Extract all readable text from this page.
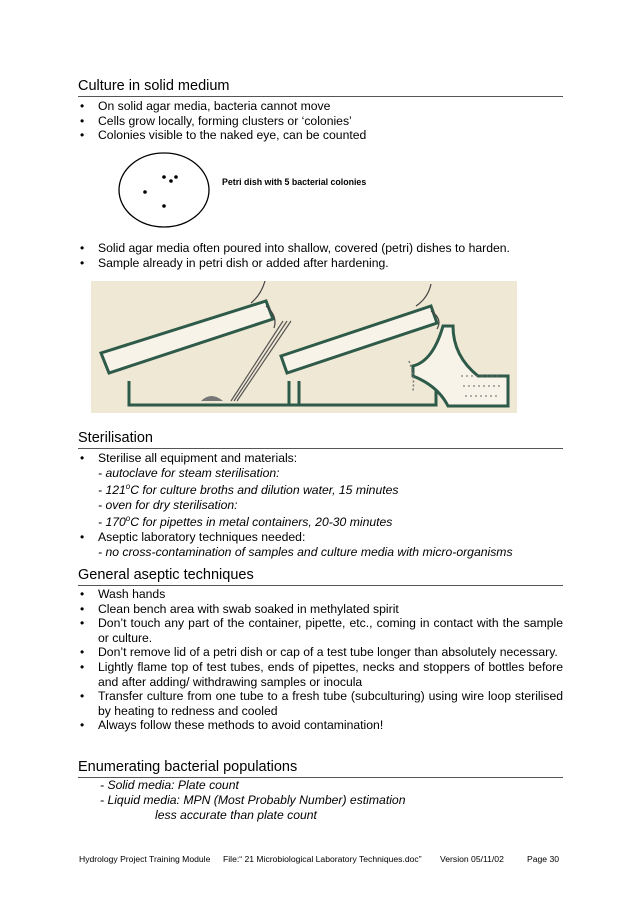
Culture in solid medium
• On solid agar media, bacteria cannot move
• Cells grow locally, forming clusters or ‘colonies’
• Colonies visible to the naked eye, can be counted
Petri dish with 5 bacterial colonies
• Solid agar media often poured into shallow, covered (petri) dishes to harden.
• Sample already in petri dish or added after hardening.
Sterilisation
• Sterilise all equipment and materials:
- autoclave for steam sterilisation:
- 121$^o$C for culture broths and dilution water, 15 minutes
- oven for dry sterilisation:
- 170$^o$C for pipettes in metal containers, 20-30 minutes
• Aseptic laboratory techniques needed:
- no cross-contamination of samples and culture media with micro-organisms
General aseptic techniques
• Wash hands
• Clean bench area with swab soaked in methylated spirit
• Don’t touch any part of the container, pipette, etc., coming in contact with the sample or culture.
• Don’t remove lid of a petri dish or cap of a test tube longer than absolutely necessary.
• Lightly flame top of test tubes, ends of pipettes, necks and stoppers of bottles before and after adding/ withdrawing samples or inocula
• Transfer culture from one tube to a fresh tube (subculturing) using wire loop sterilised by heating to redness and cooled
• Always follow these methods to avoid contamination!
Enumerating bacterial populations
- Solid media: Plate count
- Liquid media: MPN (Most Probably Number) estimation
less accurate than plate count
Hydrology Project Training Module File:“ 21 Microbiological Laboratory Techniques.doc” Version 05/11/02	Page 30
